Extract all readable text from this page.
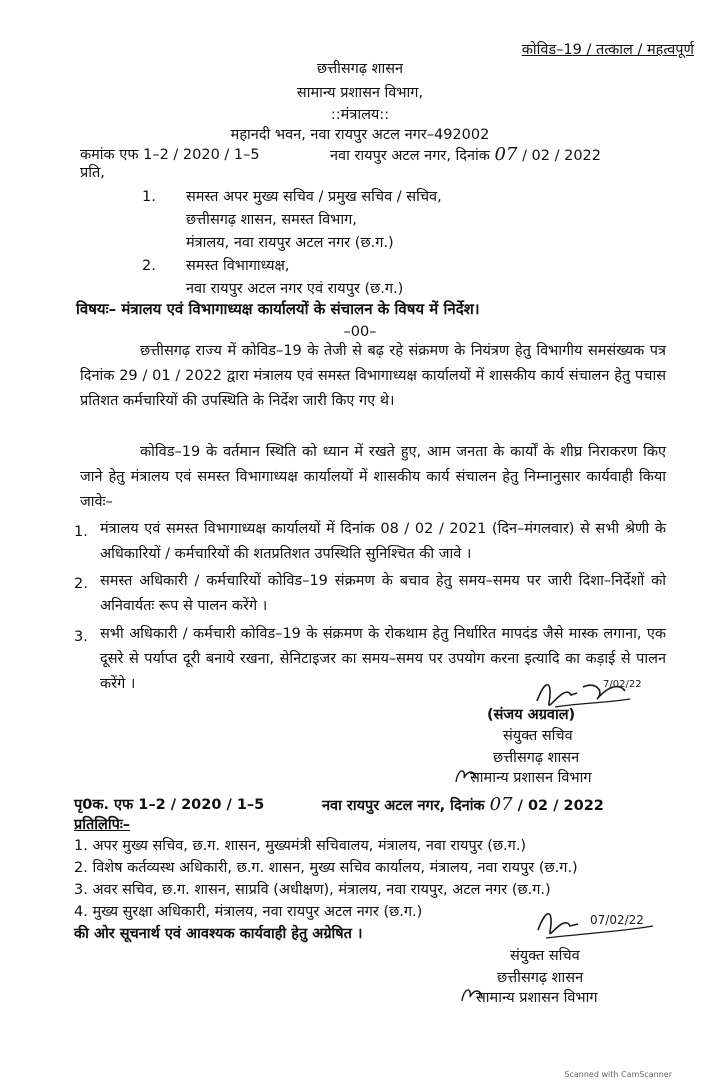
कोविड–19 / तत्काल / महत्वपूर्ण
छत्तीसगढ़ शासन
सामान्य प्रशासन विभाग,
::मंत्रालय::
महानदी भवन, नवा रायपुर अटल नगर–492002
कमांक एफ 1–2 / 2020 / 1–5	नवा रायपुर अटल नगर, दिनांक 07 / 02 / 2022
प्रति,
1. समस्त अपर मुख्य सचिव / प्रमुख सचिव / सचिव,
छत्तीसगढ़ शासन, समस्त विभाग,
मंत्रालय, नवा रायपुर अटल नगर (छ.ग.)
2. समस्त विभागाध्यक्ष,
नवा रायपुर अटल नगर एवं रायपुर (छ.ग.)
विषयः– मंत्रालय एवं विभागाध्यक्ष कार्यालयों के संचालन के विषय में निर्देश।
–00–
छत्तीसगढ़ राज्य में कोविड–19 के तेजी से बढ़ रहे संक्रमण के नियंत्रण हेतु विभागीय समसंख्यक पत्र दिनांक 29 / 01 / 2022 द्वारा मंत्रालय एवं समस्त विभागाध्यक्ष कार्यालयों में शासकीय कार्य संचालन हेतु पचास प्रतिशत कर्मचारियों की उपस्थिति के निर्देश जारी किए गए थे।
कोविड–19 के वर्तमान स्थिति को ध्यान में रखते हुए, आम जनता के कार्यों के शीघ्र निराकरण किए जाने हेतु मंत्रालय एवं समस्त विभागाध्यक्ष कार्यालयों में शासकीय कार्य संचालन हेतु निम्नानुसार कार्यवाही किया जावेः–
1. मंत्रालय एवं समस्त विभागाध्यक्ष कार्यालयों में दिनांक 08 / 02 / 2021 (दिन–मंगलवार) से सभी श्रेणी के अधिकारियों / कर्मचारियों की शतप्रतिशत उपस्थिति सुनिश्चित की जावे ।
2. समस्त अधिकारी / कर्मचारियों कोविड–19 संक्रमण के बचाव हेतु समय–समय पर जारी दिशा–निर्देशों को अनिवार्यतः रूप से पालन करेंगे ।
3. सभी अधिकारी / कर्मचारी कोविड–19 के संक्रमण के रोकथाम हेतु निर्धारित मापदंड जैसे मास्क लगाना, एक दूसरे से पर्याप्त दूरी बनाये रखना, सेनिटाइजर का समय–समय पर उपयोग करना इत्यादि का कड़ाई से पालन करेंगे ।	7/02/22
(संजय अग्रवाल)
संयुक्त सचिव
छत्तीसगढ़ शासन
सामान्य प्रशासन विभाग
पृ0क. एफ 1–2 / 2020 / 1–5	नवा रायपुर अटल नगर, दिनांक 07 / 02 / 2022
प्रतिलिपिः–
1. अपर मुख्य सचिव, छ.ग. शासन, मुख्यमंत्री सचिवालय, मंत्रालय, नवा रायपुर (छ.ग.)
2. विशेष कर्तव्यस्थ अधिकारी, छ.ग. शासन, मुख्य सचिव कार्यालय, मंत्रालय, नवा रायपुर (छ.ग.)
3. अवर सचिव, छ.ग. शासन, साप्रवि (अधीक्षण), मंत्रालय, नवा रायपुर, अटल नगर (छ.ग.)
4. मुख्य सुरक्षा अधिकारी, मंत्रालय, नवा रायपुर अटल नगर (छ.ग.)
की ओर सूचनार्थ एवं आवश्यक कार्यवाही हेतु अग्रेषित ।
07/02/22
संयुक्त सचिव
छत्तीसगढ़ शासन
सामान्य प्रशासन विभाग
Scanned with CamScanner
